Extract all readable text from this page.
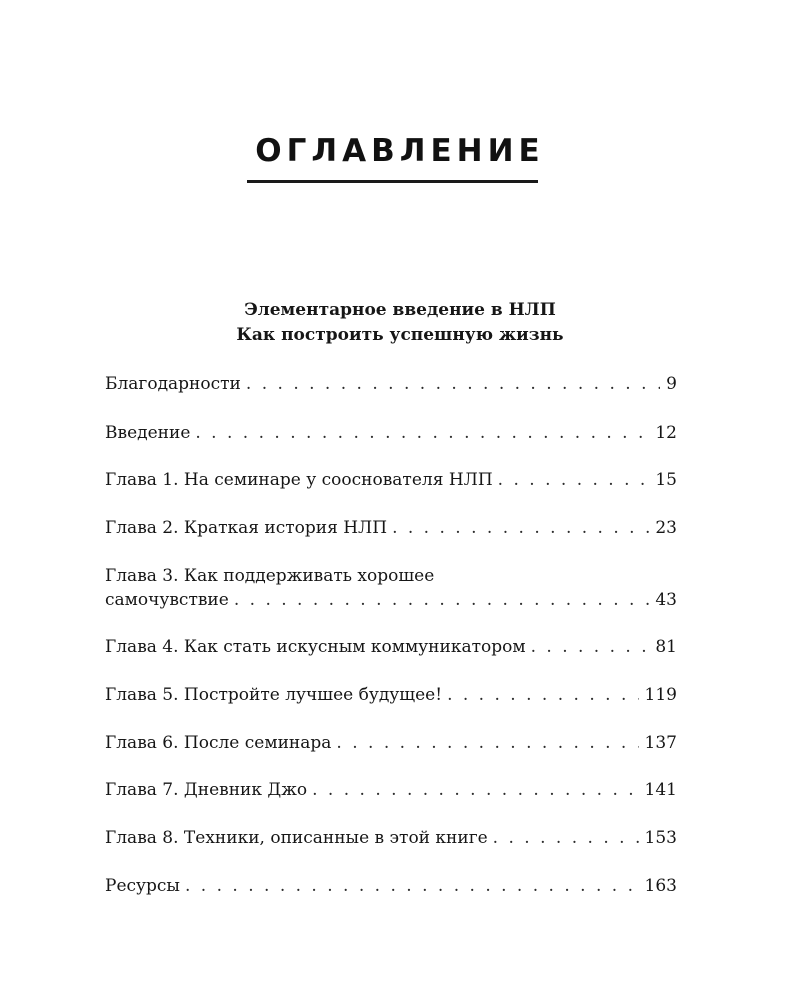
ОГЛАВЛЕНИЕ
Элементарное введение в НЛП
Как построить успешную жизнь
Благодарности . . .	9
Введение . . .	12
Глава 1. На семинаре у сооснователя НЛП . . .	15
Глава 2. Краткая история НЛП . . .	23
Глава 3. Как поддерживать хорошее
самочувствие . . .	43
Глава 4. Как стать искусным коммуникатором . . .	81
Глава 5. Постройте лучшее будущее! . . .	119
Глава 6. После семинара . . .	137
Глава 7. Дневник Джо . . .	141
Глава 8. Техники, описанные в этой книге . . .	153
Ресурсы . . .	163
